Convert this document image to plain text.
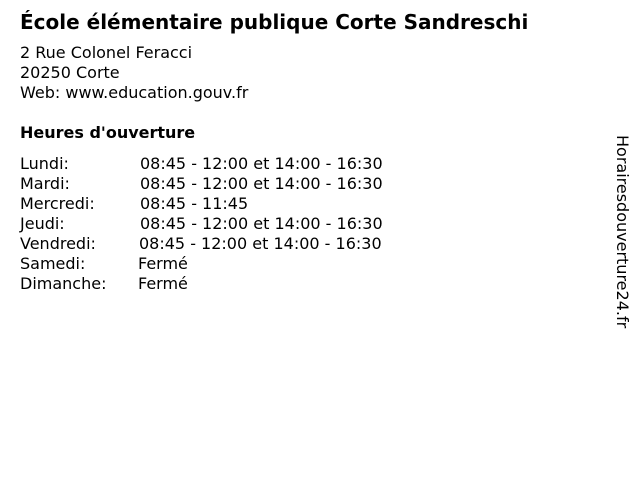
École élémentaire publique Corte Sandreschi
2 Rue Colonel Feracci
20250 Corte
Web: www.education.gouv.fr
Heures d'ouverture
Lundi:	08:45 - 12:00 et 14:00 - 16:30
Mardi:	08:45 - 12:00 et 14:00 - 16:30
Mercredi:	08:45 - 11:45
Jeudi:	08:45 - 12:00 et 14:00 - 16:30
Vendredi:	08:45 - 12:00 et 14:00 - 16:30
Samedi:	Fermé
Dimanche: Fermé	Horairesdouverture24.fr
